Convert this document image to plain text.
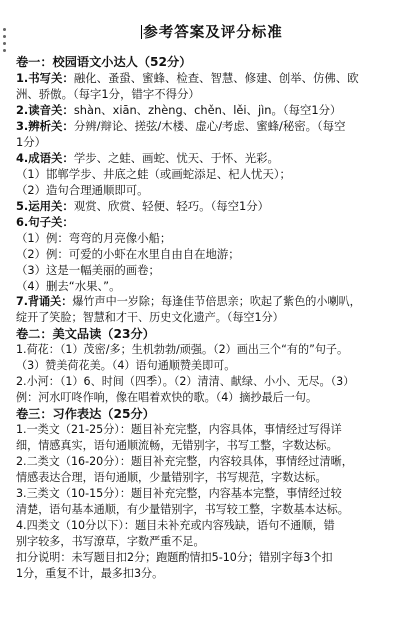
参考答案及评分标准

卷一：校园语文小达人（52分）

1.书写关：融化、蚤蛩、蜜蜂、检查、智慧、修建、创举、仿佛、欧

洲、骄傲。（每字1分，错字不得分）

2.读音关：shàn、xiān、zhèng、chěn、lěi、jìn。（每空1分）

3.辨析关：分辨/辩论、搓弦/木楼、虚心/考虑、蜜蜂/秘密。（每空

1分）

4.成语关：学步、之蛙、画蛇、忧天、于怀、光彩。

（1）邯郸学步、井底之蛙（或画蛇添足、杞人忧天）；

（2）造句合理通顺即可。

5.运用关：观赏、欣赏、轻便、轻巧。（每空1分）

6.句子关：

（1）例：弯弯的月亮像小船；

（2）例：可爱的小虾在水里自由自在地游；

（3）这是一幅美丽的画卷；

（4）删去“水果、”。

7.背诵关：爆竹声中一岁除；每逢佳节倍思亲；吹起了紫色的小喇叭，

绽开了笑脸；智慧和才干、历史文化遗产。（每空1分）

卷二：美文品读（23分）

1.荷花：（1）茂密/多；生机勃勃/顽强。（2）画出三个“有的”句子。

（3）赞美荷花美。（4）语句通顺赞美即可。

2.小河：（1）6、时间（四季）。（2）清清、献绿、小小、无尽。（3）

例：河水叮咚作响，像在唱着欢快的歌。（4）摘抄最后一句。

卷三：习作表达（25分）

1.一类文（21-25分）：题目补充完整，内容具体，事情经过写得详

细，情感真实，语句通顺流畅，无错别字，书写工整，字数达标。

2.二类文（16-20分）：题目补充完整，内容较具体，事情经过清晰，

情感表达合理，语句通顺，少量错别字，书写规范，字数达标。

3.三类文（10-15分）：题目补充完整，内容基本完整，事情经过较

清楚，语句基本通顺，有少量错别字，书写较工整，字数基本达标。

4.四类文（10分以下）：题目未补充或内容残缺，语句不通顺，错

别字较多，书写潦草，字数严重不足。

扣分说明：未写题目扣2分；跑题酌情扣5-10分；错别字每3个扣

1分，重复不计，最多扣3分。
